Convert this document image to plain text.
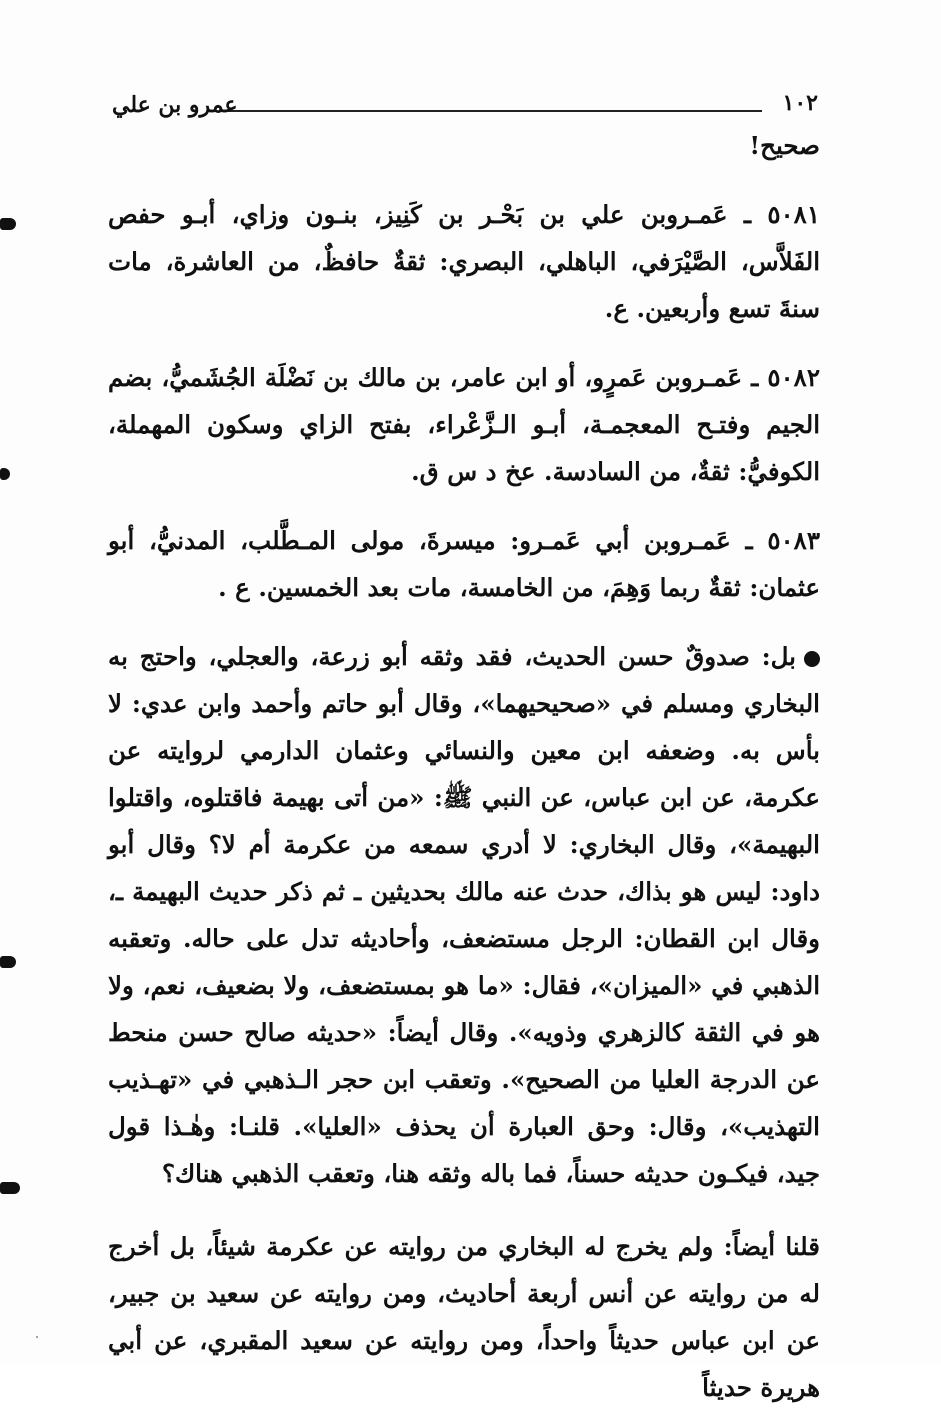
١٠٢
عمرو بن علي

صحيح!

٥٠٨١ ـ عَمـروبن علي بن بَحْـر بن كَنِيز، بنـون وزاي، أبـو حفص الفَلاَّس، الصَّيْرَفي، الباهلي، البصري: ثقةٌ حافظٌ، من العاشرة، مات سنةَ تسع وأربعين. ع.

٥٠٨٢ ـ عَمـروبن عَمرٍو، أو ابن عامر، بن مالك بن نَضْلَة الجُشَميُّ، بضم الجيم وفتـح المعجمـة، أبـو الـزَّعْراء، بفتح الزاي وسكون المهملة، الكوفيُّ: ثقةٌ، من السادسة. عخ د س ق.

٥٠٨٣ ـ عَمـروبن أبي عَمـرو: ميسرةَ، مولى المـطَّلب، المدنيُّ، أبو عثمان: ثقةٌ ربما وَهِمَ، من الخامسة، مات بعد الخمسين. ع .

بل: صدوقٌ حسن الحديث، فقد وثقه أبو زرعة، والعجلي، واحتج به البخاري ومسلم في «صحيحيهما»، وقال أبو حاتم وأحمد وابن عدي: لا بأس به. وضعفه ابن معين والنسائي وعثمان الدارمي لروايته عن عكرمة، عن ابن عباس، عن النبي ﷺ: «من أتى بهيمة فاقتلوه، واقتلوا البهيمة»، وقال البخاري: لا أدري سمعه من عكرمة أم لا؟ وقال أبو داود: ليس هو بذاك، حدث عنه مالك بحديثين ـ ثم ذكر حديث البهيمة ـ، وقال ابن القطان: الرجل مستضعف، وأحاديثه تدل على حاله. وتعقبه الذهبي في «الميزان»، فقال: «ما هو بمستضعف، ولا بضعيف، نعم، ولا هو في الثقة كالزهري وذويه». وقال أيضاً: «حديثه صالح حسن منحط عن الدرجة العليا من الصحيح». وتعقب ابن حجر الـذهبي في «تهـذيب التهذيب»، وقال: وحق العبارة أن يحذف «العليا». قلنـا: وهٰـذا قول جيد، فيكـون حديثه حسناً، فما باله وثقه هنا، وتعقب الذهبي هناك؟

قلنا أيضاً: ولم يخرج له البخاري من روايته عن عكرمة شيئاً، بل أخرج له من روايته عن أنس أربعة أحاديث، ومن روايته عن سعيد بن جبير، عن ابن عباس حديثاً واحداً، ومن روايته عن سعيد المقبري، عن أبي هريرة حديثاً
